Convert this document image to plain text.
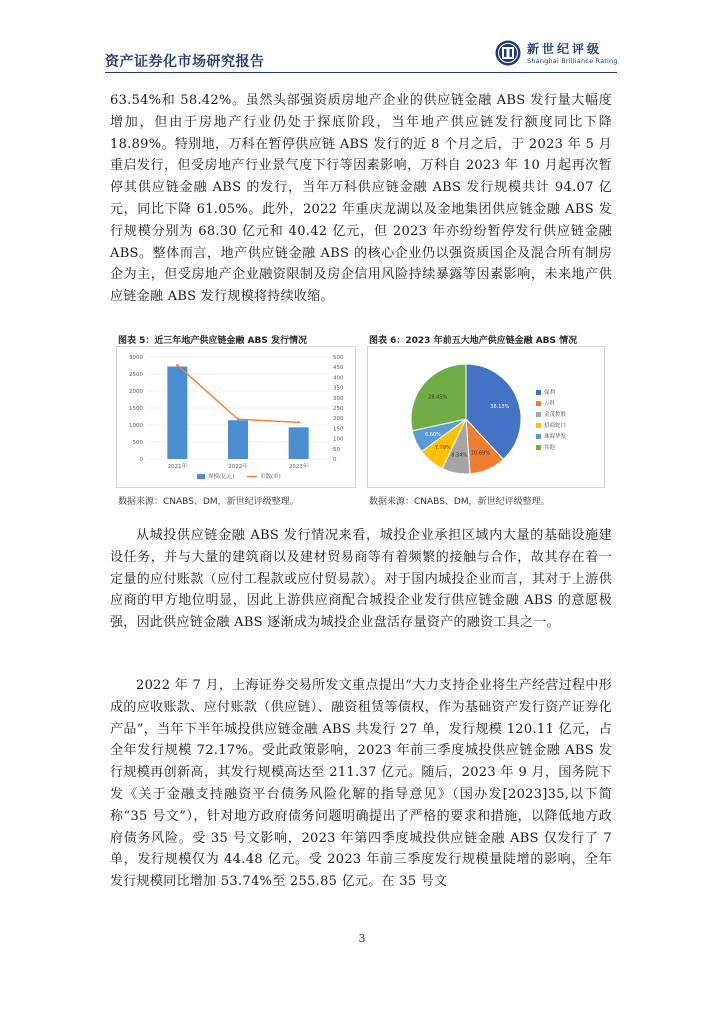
资产证券化市场研究报告
新世纪评级
Shanghai Brilliance Rating

63.54%和 58.42%。虽然头部强资质房地产企业的供应链金融 ABS 发行量大幅度增加，但由于房地产行业仍处于探底阶段，当年地产供应链发行额度同比下降 18.89%。特别地，万科在暂停供应链 ABS 发行的近 8 个月之后，于 2023 年 5 月重启发行，但受房地产行业景气度下行等因素影响，万科自 2023 年 10 月起再次暂停其供应链金融 ABS 的发行，当年万科供应链金融 ABS 发行规模共计 94.07 亿元，同比下降 61.05%。此外，2022 年重庆龙湖以及金地集团供应链金融 ABS 发行规模分别为 68.30 亿元和 40.42 亿元，但 2023 年亦纷纷暂停发行供应链金融 ABS。整体而言，地产供应链金融 ABS 的核心企业仍以强资质国企及混合所有制房企为主，但受房地产企业融资限制及房企信用风险持续暴露等因素影响，未来地产供应链金融 ABS 发行规模将持续收缩。

图表 5：近三年地产供应链金融 ABS 发行情况
0
500
1000
1500
2000
2500
3000
0
50
100
150
200
250
300
350
400
450
500
2021年	2022年	2023年
规模(亿元)	单数(单)
数据来源：CNABS、DM，新世纪评级整理。
图表 6：2023 年前五大地产供应链金融 ABS 情况
38.13%
10.69%
8.34%
7.79%
6.60%
28.45%
保利
万科
金茂控股
招商蛇口
珠海华发
其他
数据来源：CNABS、DM，新世纪评级整理。

从城投供应链金融 ABS 发行情况来看，城投企业承担区域内大量的基础设施建设任务，并与大量的建筑商以及建材贸易商等有着频繁的接触与合作，故其存在着一定量的应付账款（应付工程款或应付贸易款）。对于国内城投企业而言，其对于上游供应商的甲方地位明显，因此上游供应商配合城投企业发行供应链金融 ABS 的意愿极强，因此供应链金融 ABS 逐渐成为城投企业盘活存量资产的融资工具之一。

2022 年 7 月，上海证券交易所发文重点提出“大力支持企业将生产经营过程中形成的应收账款、应付账款（供应链）、融资租赁等债权，作为基础资产发行资产证券化产品”，当年下半年城投供应链金融 ABS 共发行 27 单，发行规模 120.11 亿元，占全年发行规模 72.17%。受此政策影响，2023 年前三季度城投供应链金融 ABS 发行规模再创新高，其发行规模高达至 211.37 亿元。随后，2023 年 9 月，国务院下发《关于金融支持融资平台债务风险化解的指导意见》（国办发[2023]35,以下简称“35 号文”），针对地方政府债务问题明确提出了严格的要求和措施，以降低地方政府债务风险。受 35 号文影响，2023 年第四季度城投供应链金融 ABS 仅发行了 7 单，发行规模仅为 44.48 亿元。受 2023 年前三季度发行规模量陡增的影响，全年发行规模同比增加 53.74%至 255.85 亿元。在 35 号文

3
